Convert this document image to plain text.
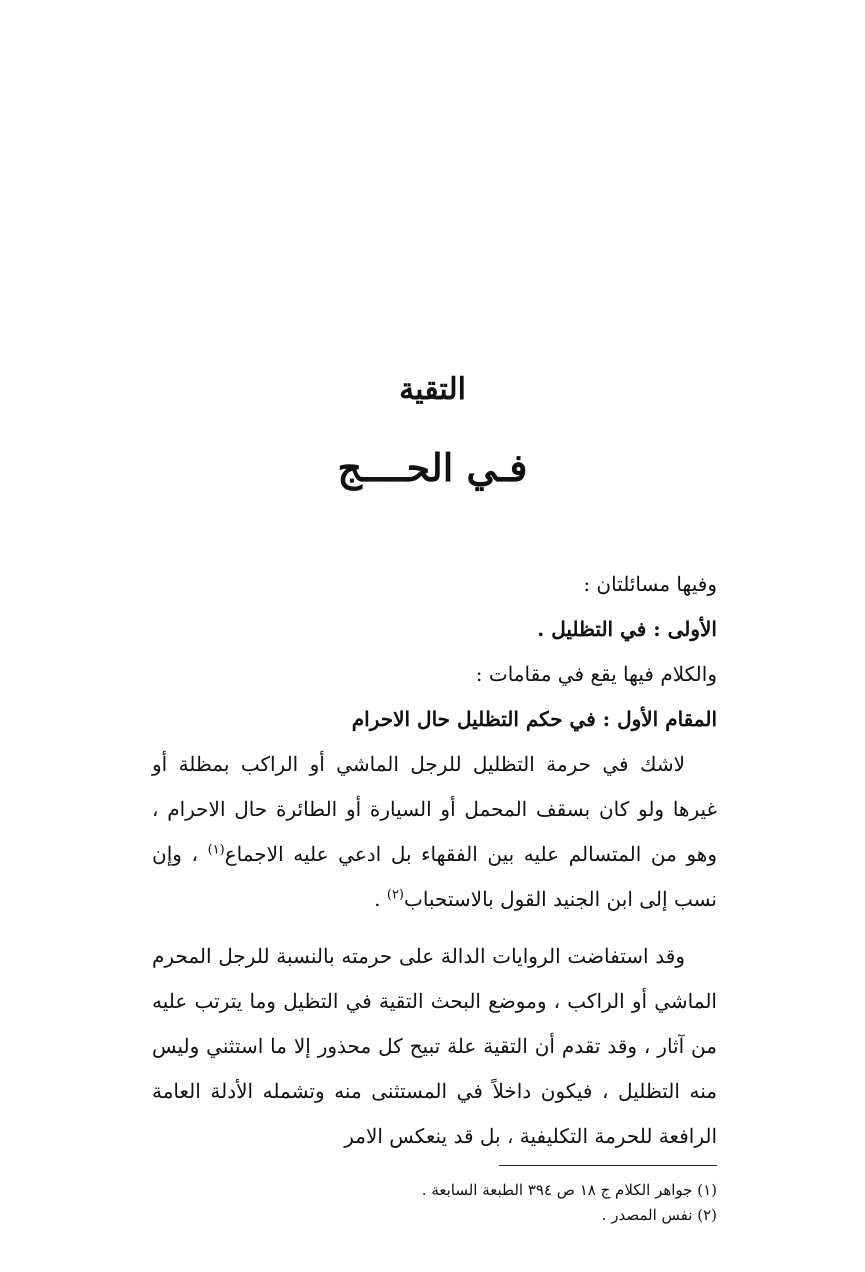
التقية
فـي الحــــج
وفيها مسائلتان :
الأولى : في التظليل .
والكلام فيها يقع في مقامات :
المقام الأول : في حكم التظليل حال الاحرام

لاشك في حرمة التظليل للرجل الماشي أو الراكب بمظلة أو غيرها ولو كان بسقف المحمل أو السيارة أو الطائرة حال الاحرام ، وهو من المتسالم عليه بين الفقهاء بل ادعي عليه الاجماع$^{(١)}$ ، وإن نسب إلى ابن الجنيد القول بالاستحباب$^{(٢)}$ .

وقد استفاضت الروايات الدالة على حرمته بالنسبة للرجل المحرم الماشي أو الراكب ، وموضع البحث التقية في التظيل وما يترتب عليه من آثار ، وقد تقدم أن التقية علة تبيح كل محذور إلا ما استثني وليس منه التظليل ، فيكون داخلاً في المستثنى منه وتشمله الأدلة العامة الرافعة للحرمة التكليفية ، بل قد ينعكس الامر

(١) جواهر الكلام ج ١٨ ص ٣٩٤ الطبعة السابعة .
(٢) نفس المصدر .
